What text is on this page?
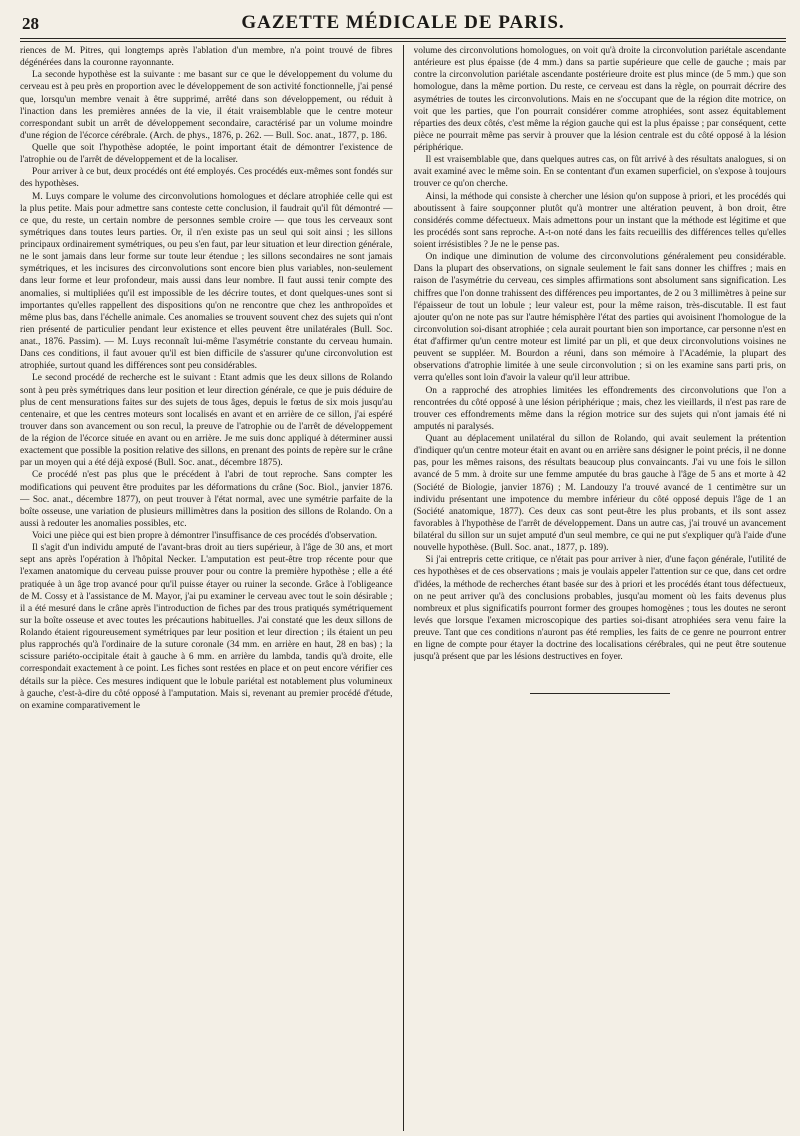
28	GAZETTE MÉDICALE DE PARIS.

riences de M. Pitres, qui longtemps après l'ablation d'un membre, n'a point trouvé de fibres dégénérées dans la couronne rayonnante.

La seconde hypothèse est la suivante : me basant sur ce que le développement du volume du cerveau est à peu près en proportion avec le développement de son activité fonctionnelle, j'ai pensé que, lorsqu'un membre venait à être supprimé, arrêté dans son développement, ou réduit à l'inaction dans les premières années de la vie, il était vraisemblable que le centre moteur correspondant subit un arrêt de développement secondaire, caractérisé par un volume moindre d'une région de l'écorce cérébrale. (Arch. de phys., 1876, p. 262. — Bull. Soc. anat., 1877, p. 186.

Quelle que soit l'hypothèse adoptée, le point important était de démontrer l'existence de l'atrophie ou de l'arrêt de développement et de la localiser.

Pour arriver à ce but, deux procédés ont été employés. Ces procédés eux-mêmes sont fondés sur des hypothèses.

M. Luys compare le volume des circonvolutions homologues et déclare atrophiée celle qui est la plus petite. Mais pour admettre sans conteste cette conclusion, il faudrait qu'il fût démontré — ce que, du reste, un certain nombre de personnes semble croire — que tous les cerveaux sont symétriques dans toutes leurs parties. Or, il n'en existe pas un seul qui soit ainsi ; les sillons principaux ordinairement symétriques, ou peu s'en faut, par leur situation et leur direction générale, ne le sont jamais dans leur forme sur toute leur étendue ; les sillons secondaires ne sont jamais symétriques, et les incisures des circonvolutions sont encore bien plus variables, non-seulement dans leur forme et leur profondeur, mais aussi dans leur nombre. Il faut aussi tenir compte des anomalies, si multipliées qu'il est impossible de les décrire toutes, et dont quelques-unes sont si importantes qu'elles rappellent des dispositions qu'on ne rencontre que chez les anthropoïdes et même plus bas, dans l'échelle animale. Ces anomalies se trouvent souvent chez des sujets qui n'ont rien présenté de particulier pendant leur existence et elles peuvent être unilatérales (Bull. Soc. anat., 1876. Passim). — M. Luys reconnaît lui-même l'asymétrie constante du cerveau humain. Dans ces conditions, il faut avouer qu'il est bien difficile de s'assurer qu'une circonvolution est atrophiée, surtout quand les différences sont peu considérables.

Le second procédé de recherche est le suivant : Etant admis que les deux sillons de Rolando sont à peu près symétriques dans leur position et leur direction générale, ce que je puis déduire de plus de cent mensurations faites sur des sujets de tous âges, depuis le fœtus de six mois jusqu'au centenaire, et que les centres moteurs sont localisés en avant et en arrière de ce sillon, j'ai espéré trouver dans son avancement ou son recul, la preuve de l'atrophie ou de l'arrêt de développement de la région de l'écorce située en avant ou en arrière. Je me suis donc appliqué à déterminer aussi exactement que possible la position relative des sillons, en prenant des points de repère sur le crâne par un moyen qui a été déjà exposé (Bull. Soc. anat., décembre 1875).

Ce procédé n'est pas plus que le précédent à l'abri de tout reproche. Sans compter les modifications qui peuvent être produites par les déformations du crâne (Soc. Biol., janvier 1876. — Soc. anat., décembre 1877), on peut trouver à l'état normal, avec une symétrie parfaite de la boîte osseuse, une variation de plusieurs millimètres dans la position des sillons de Rolando. On a aussi à redouter les anomalies possibles, etc.

Voici une pièce qui est bien propre à démontrer l'insuffisance de ces procédés d'observation.

Il s'agit d'un individu amputé de l'avant-bras droit au tiers supérieur, à l'âge de 30 ans, et mort sept ans après l'opération à l'hôpital Necker. L'amputation est peut-être trop récente pour que l'examen anatomique du cerveau puisse prouver pour ou contre la première hypothèse ; elle a été pratiquée à un âge trop avancé pour qu'il puisse étayer ou ruiner la seconde. Grâce à l'obligeance de M. Cossy et à l'assistance de M. Mayor, j'ai pu examiner le cerveau avec tout le soin désirable ; il a été mesuré dans le crâne après l'introduction de fiches par des trous pratiqués symétriquement sur la boîte osseuse et avec toutes les précautions habituelles. J'ai constaté que les deux sillons de Rolando étaient rigoureusement symétriques par leur position et leur direction ; ils étaient un peu plus rapprochés qu'à l'ordinaire de la suture coronale (34 mm. en arrière en haut, 28 en bas) ; la scissure pariéto-occipitale était à gauche à 6 mm. en arrière du lambda, tandis qu'à droite, elle correspondait exactement à ce point. Les fiches sont restées en place et on peut encore vérifier ces détails sur la pièce. Ces mesures indiquent que le lobule pariétal est notablement plus volumineux à gauche, c'est-à-dire du côté opposé à l'amputation. Mais si, revenant au premier procédé d'étude, on examine comparativement le

volume des circonvolutions homologues, on voit qu'à droite la circonvolution pariétale ascendante antérieure est plus épaisse (de 4 mm.) dans sa partie supérieure que celle de gauche ; mais par contre la circonvolution pariétale ascendante postérieure droite est plus mince (de 5 mm.) que son homologue, dans la même portion. Du reste, ce cerveau est dans la règle, on pourrait décrire des asymétries de toutes les circonvolutions. Mais en ne s'occupant que de la région dite motrice, on voit que les parties, que l'on pourrait considérer comme atrophiées, sont assez équitablement réparties des deux côtés, c'est même la région gauche qui est la plus épaisse ; par conséquent, cette pièce ne pourrait même pas servir à prouver que la lésion centrale est du côté opposé à la lésion périphérique.

Il est vraisemblable que, dans quelques autres cas, on fût arrivé à des résultats analogues, si on avait examiné avec le même soin. En se contentant d'un examen superficiel, on s'expose à toujours trouver ce qu'on cherche.

Ainsi, la méthode qui consiste à chercher une lésion qu'on suppose à priori, et les procédés qui aboutissent à faire soupçonner plutôt qu'à montrer une altération peuvent, à bon droit, être considérés comme défectueux. Mais admettons pour un instant que la méthode est légitime et que les procédés sont sans reproche. A-t-on noté dans les faits recueillis des différences telles qu'elles soient irrésistibles ? Je ne le pense pas.

On indique une diminution de volume des circonvolutions généralement peu considérable. Dans la plupart des observations, on signale seulement le fait sans donner les chiffres ; mais en raison de l'asymétrie du cerveau, ces simples affirmations sont absolument sans signification. Les chiffres que l'on donne trahissent des différences peu importantes, de 2 ou 3 millimètres à peine sur l'épaisseur de tout un lobule ; leur valeur est, pour la même raison, très-discutable. Il est faut ajouter qu'on ne note pas sur l'autre hémisphère l'état des parties qui avoisinent l'homologue de la circonvolution soi-disant atrophiée ; cela aurait pourtant bien son importance, car personne n'est en état d'affirmer qu'un centre moteur est limité par un pli, et que deux circonvolutions voisines ne peuvent se suppléer. M. Bourdon a réuni, dans son mémoire à l'Académie, la plupart des observations d'atrophie limitée à une seule circonvolution ; si on les examine sans parti pris, on verra qu'elles sont loin d'avoir la valeur qu'il leur attribue.

On a rapproché des atrophies limitées les effondrements des circonvolutions que l'on a rencontrées du côté opposé à une lésion périphérique ; mais, chez les vieillards, il n'est pas rare de trouver ces effondrements même dans la région motrice sur des sujets qui n'ont jamais été ni amputés ni paralysés.

Quant au déplacement unilatéral du sillon de Rolando, qui avait seulement la prétention d'indiquer qu'un centre moteur était en avant ou en arrière sans désigner le point précis, il ne donne pas, pour les mêmes raisons, des résultats beaucoup plus convaincants. J'ai vu une fois le sillon avancé de 5 mm. à droite sur une femme amputée du bras gauche à l'âge de 5 ans et morte à 42 (Société de Biologie, janvier 1876) ; M. Landouzy l'a trouvé avancé de 1 centimètre sur un individu présentant une impotence du membre inférieur du côté opposé depuis l'âge de 1 an (Société anatomique, 1877). Ces deux cas sont peut-être les plus probants, et ils sont assez favorables à l'hypothèse de l'arrêt de développement. Dans un autre cas, j'ai trouvé un avancement bilatéral du sillon sur un sujet amputé d'un seul membre, ce qui ne put s'expliquer qu'à l'aide d'une nouvelle hypothèse. (Bull. Soc. anat., 1877, p. 189).

Si j'ai entrepris cette critique, ce n'était pas pour arriver à nier, d'une façon générale, l'utilité de ces hypothèses et de ces observations ; mais je voulais appeler l'attention sur ce que, dans cet ordre d'idées, la méthode de recherches étant basée sur des à priori et les procédés étant tous défectueux, on ne peut arriver qu'à des conclusions probables, jusqu'au moment où les faits devenus plus nombreux et plus significatifs pourront former des groupes homogènes ; tous les doutes ne seront levés que lorsque l'examen microscopique des parties soi-disant atrophiées sera venu faire la preuve. Tant que ces conditions n'auront pas été remplies, les faits de ce genre ne pourront entrer en ligne de compte pour étayer la doctrine des localisations cérébrales, qui ne peut être soutenue jusqu'à présent que par les lésions destructives en foyer.
